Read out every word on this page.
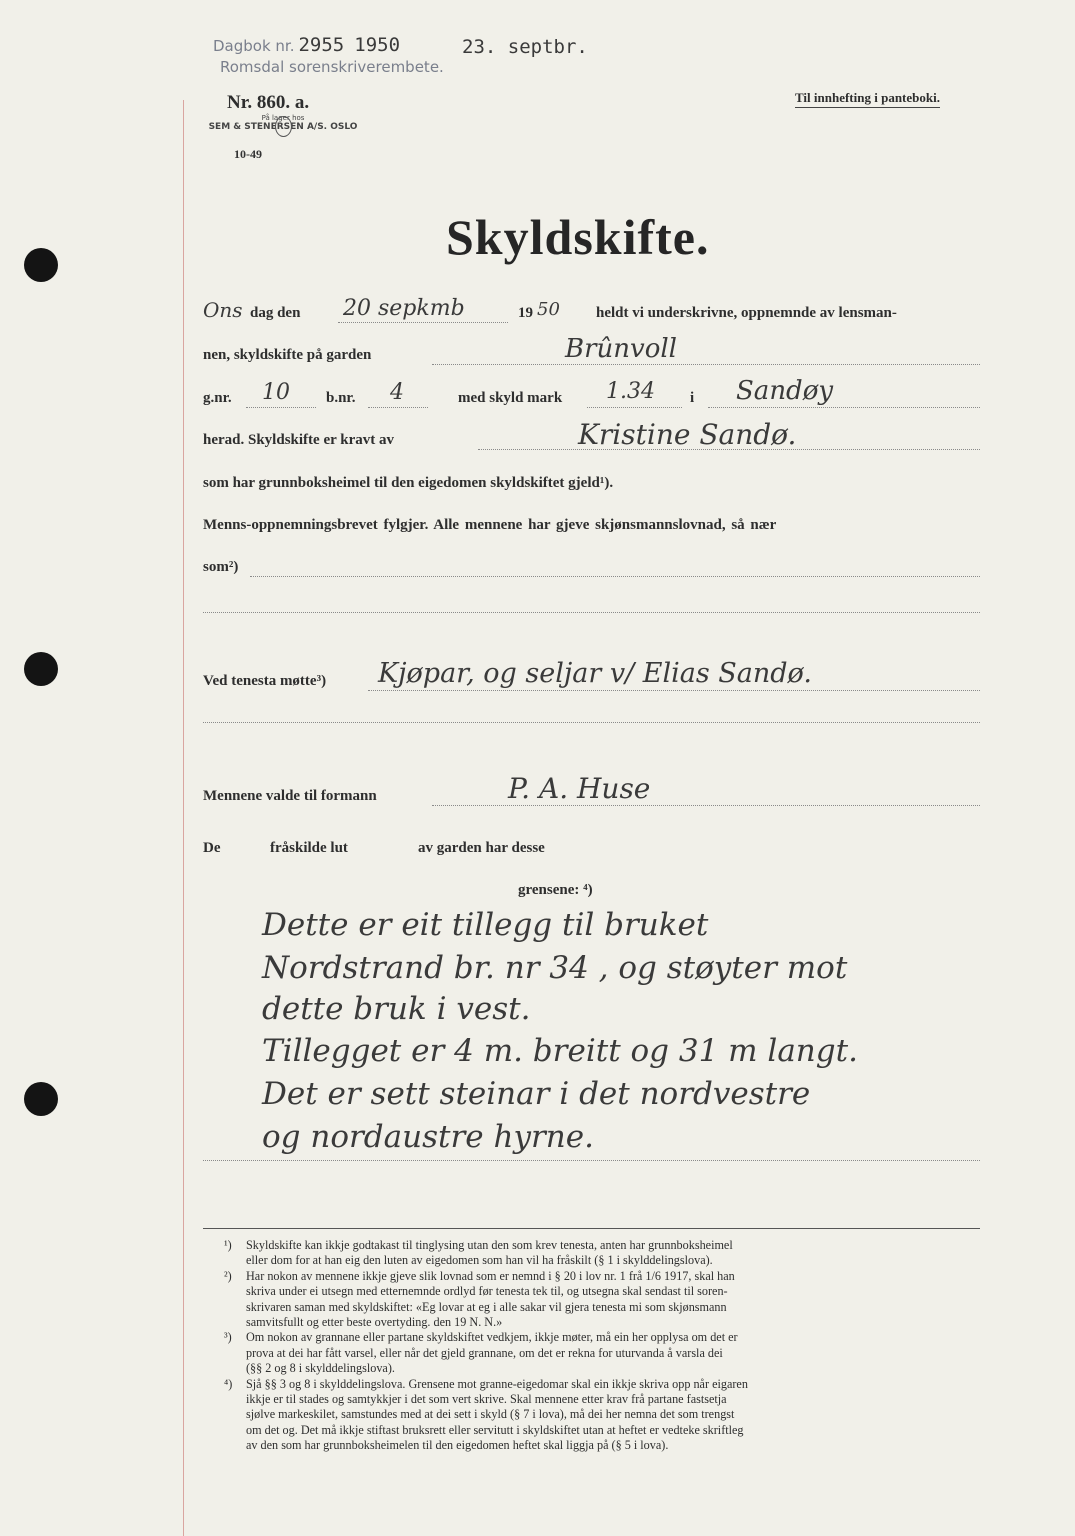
Dagbok nr. 2955 1950	23. septbr.
Romsdal sorenskriverembete.
Nr. 860. a.
På lager hos
SEM & STENERSEN A/S. OSLO
10-49
Til innhefting i panteboki.
Skyldskifte.
Ons dag den 20 sepkmb	19 50 heldt vi underskrivne, oppnemnde av lensman-
nen, skyldskifte på garden	Brûnvoll
g.nr. 10 b.nr. 4	med skyld mark 1.34 i Sandøy
herad. Skyldskifte er kravt av	Kristine Sandø.
som har grunnboksheimel til den eigedomen skyldskiftet gjeld¹).
Menns-oppnemningsbrevet fylgjer. Alle mennene har gjeve skjønsmannslovnad, så nær
som²)
Ved tenesta møtte³) Kjøpar, og seljar v/ Elias Sandø.
Mennene valde til formann	P. A. Huse
De	fråskilde lut	av garden har desse
grensene: ⁴)
Dette er eit tillegg til bruket
Nordstrand br. nr 34 , og støyter mot
dette bruk i vest.
Tillegget er 4 m. breitt og 31 m langt.
Det er sett steinar i det nordvestre
og nordaustre hyrne.
¹) Skyldskifte kan ikkje godtakast til tinglysing utan den som krev tenesta, anten har grunnboksheimel
eller dom for at han eig den luten av eigedomen som han vil ha fråskilt (§ 1 i skylddelingslova).
²) Har nokon av mennene ikkje gjeve slik lovnad som er nemnd i § 20 i lov nr. 1 frå 1/6 1917, skal han
skriva under ei utsegn med etternemnde ordlyd før tenesta tek til, og utsegna skal sendast til soren-
skrivaren saman med skyldskiftet: «Eg lovar at eg i alle sakar vil gjera tenesta mi som skjønsmann
samvitsfullt og etter beste overtyding. den 19 N. N.»
³) Om nokon av grannane eller partane skyldskiftet vedkjem, ikkje møter, må ein her opplysa om det er
prova at dei har fått varsel, eller når det gjeld grannane, om det er rekna for uturvanda å varsla dei
(§§ 2 og 8 i skylddelingslova).
⁴) Sjå §§ 3 og 8 i skylddelingslova. Grensene mot granne-eigedomar skal ein ikkje skriva opp når eigaren
ikkje er til stades og samtykkjer i det som vert skrive. Skal mennene etter krav frå partane fastsetja
sjølve markeskilet, samstundes med at dei sett i skyld (§ 7 i lova), må dei her nemna det som trengst
om det og. Det må ikkje stiftast bruksrett eller servitutt i skyldskiftet utan at heftet er vedteke skriftleg
av den som har grunnboksheimelen til den eigedomen heftet skal liggja på (§ 5 i lova).
